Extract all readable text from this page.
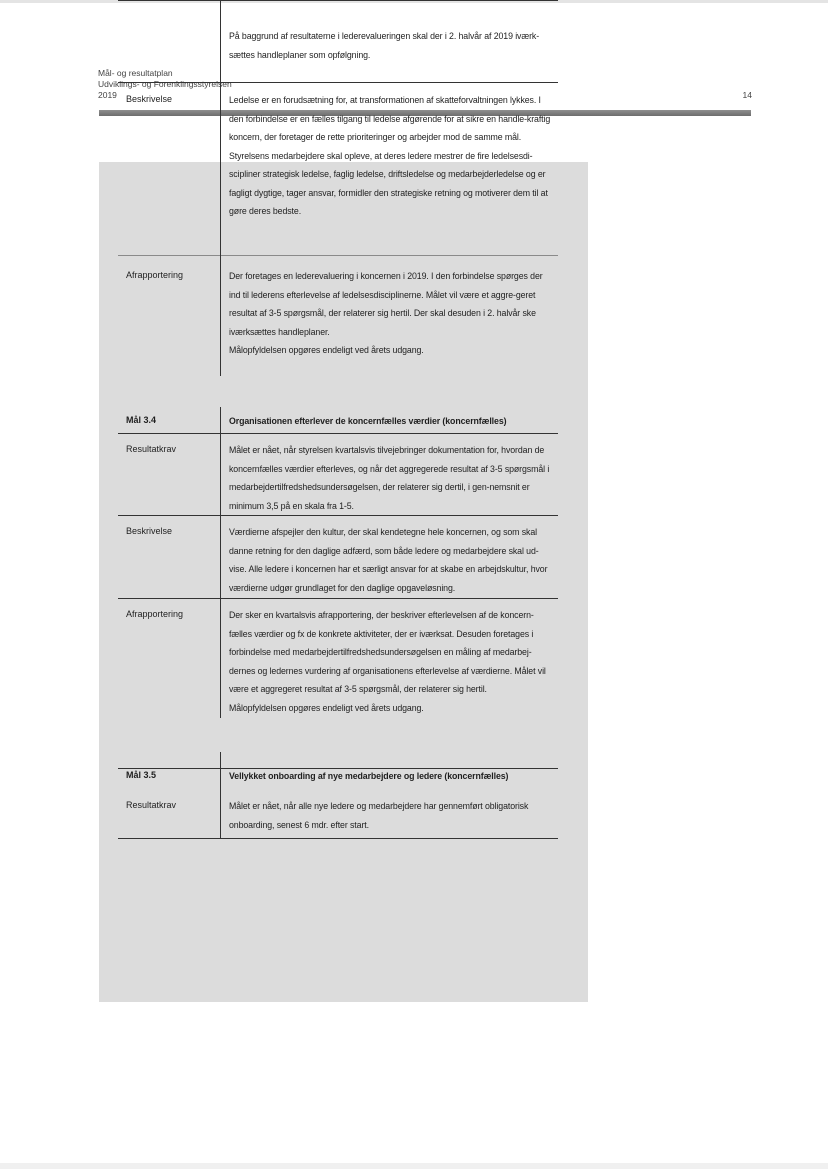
Mål- og resultatplan
Udviklings- og Forenklingsstyrelsen
2019	14

På baggrund af resultaterne i lederevalueringen skal der i 2. halvår af 2019 iværk-sættes handleplaner som opfølgning.

Beskrivelse	Ledelse er en forudsætning for, at transformationen af skatteforvaltningen lykkes. I den forbindelse er en fælles tilgang til ledelse afgørende for at sikre en handle-kraftig koncern, der foretager de rette prioriteringer og arbejder mod de samme mål.

Styrelsens medarbejdere skal opleve, at deres ledere mestrer de fire ledelsesdi-scipliner strategisk ledelse, faglig ledelse, driftsledelse og medarbejderledelse og er fagligt dygtige, tager ansvar, formidler den strategiske retning og motiverer dem til at gøre deres bedste.

Afrapportering	Der foretages en lederevaluering i koncernen i 2019. I den forbindelse spørges der ind til lederens efterlevelse af ledelsesdisciplinerne. Målet vil være et aggre-geret resultat af 3-5 spørgsmål, der relaterer sig hertil. Der skal desuden i 2. halvår ske iværksættes handleplaner.

Målopfyldelsen opgøres endeligt ved årets udgang.

Mål 3.4	Organisationen efterlever de koncernfælles værdier (koncernfælles)

Resultatkrav	Målet er nået, når styrelsen kvartalsvis tilvejebringer dokumentation for, hvordan de koncernfælles værdier efterleves, og når det aggregerede resultat af 3-5 spørgsmål i medarbejdertilfredshedsundersøgelsen, der relaterer sig dertil, i gen-nemsnit er minimum 3,5 på en skala fra 1-5.

Beskrivelse	Værdierne afspejler den kultur, der skal kendetegne hele koncernen, og som skal danne retning for den daglige adfærd, som både ledere og medarbejdere skal ud-vise. Alle ledere i koncernen har et særligt ansvar for at skabe en arbejdskultur, hvor værdierne udgør grundlaget for den daglige opgaveløsning.

Afrapportering	Der sker en kvartalsvis afrapportering, der beskriver efterlevelsen af de koncern-fælles værdier og fx de konkrete aktiviteter, der er iværksat. Desuden foretages i forbindelse med medarbejdertilfredshedsundersøgelsen en måling af medarbej-dernes og ledernes vurdering af organisationens efterlevelse af værdierne. Målet vil være et aggregeret resultat af 3-5 spørgsmål, der relaterer sig hertil.

Målopfyldelsen opgøres endeligt ved årets udgang.

Mål 3.5	Vellykket onboarding af nye medarbejdere og ledere (koncernfælles)

Resultatkrav	Målet er nået, når alle nye ledere og medarbejdere har gennemført obligatorisk onboarding, senest 6 mdr. efter start.
